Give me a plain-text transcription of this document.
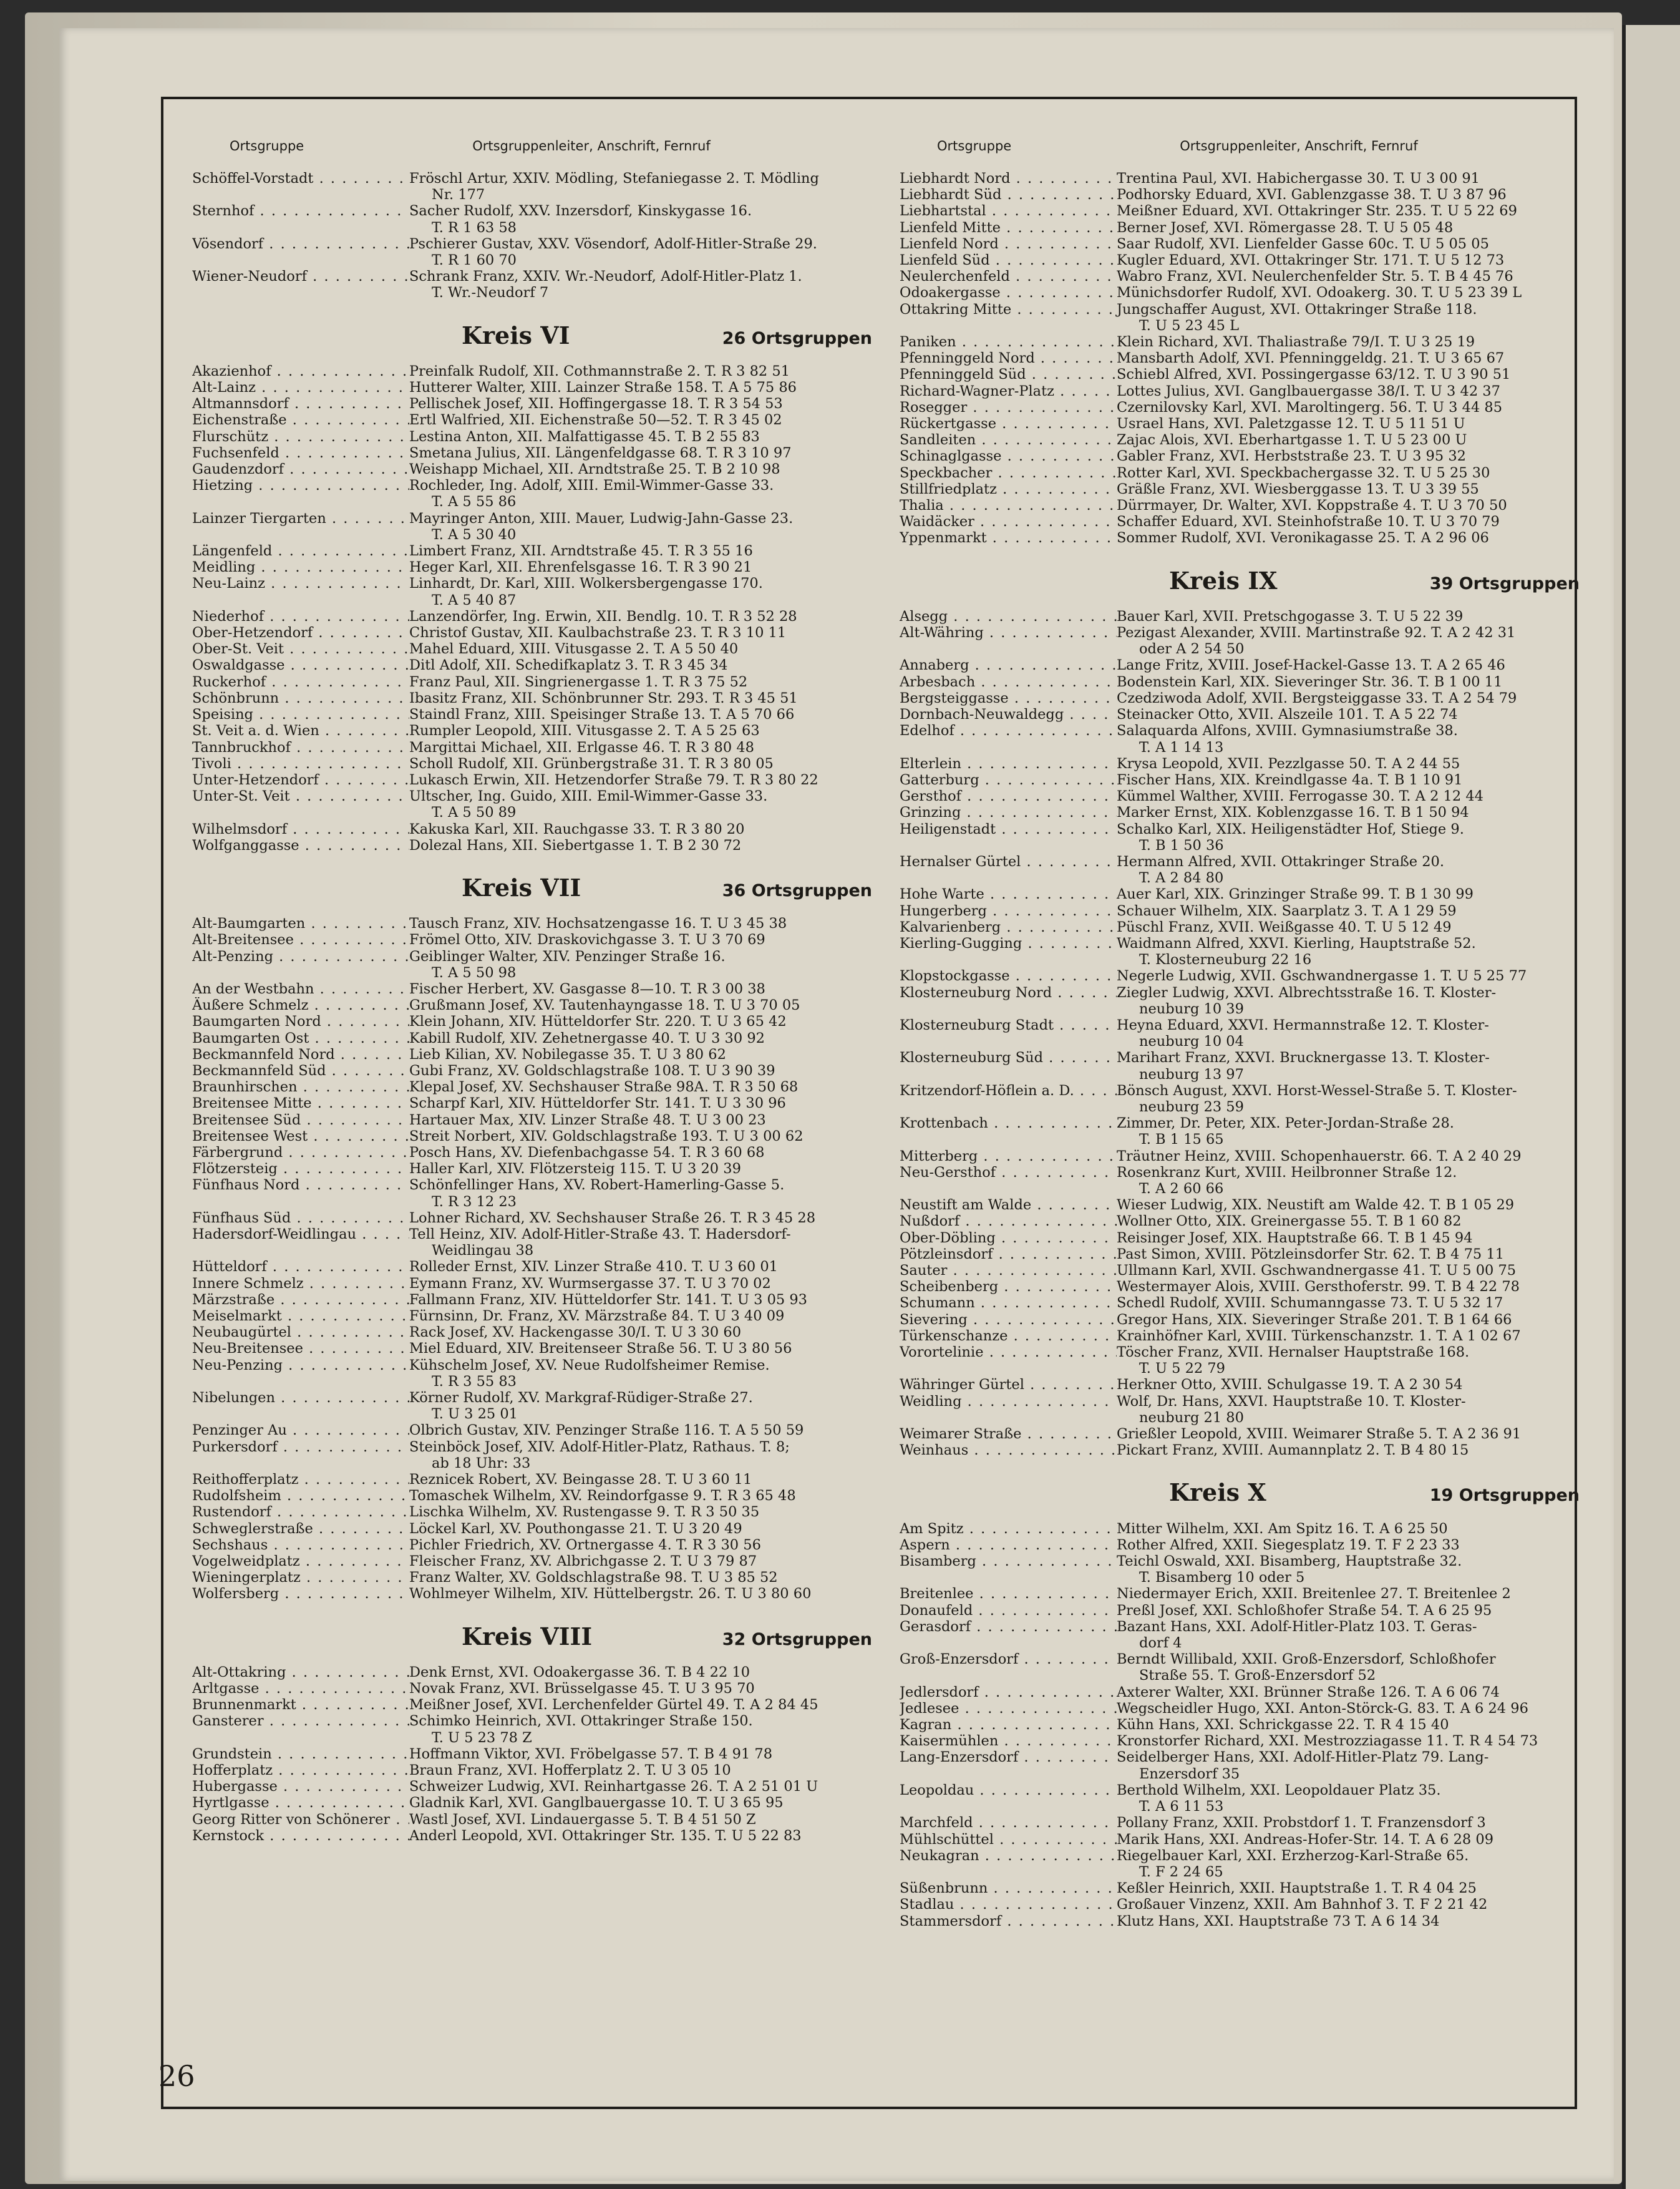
Ortsgruppe	Ortsgruppenleiter, Anschrift, Fernruf
Schöffel-Vorstadt . . .	Fröschl Artur, XXIV. Mödling, Stefaniegasse 2. T. Mödling
Nr. 177
Sternhof . . .	Sacher Rudolf, XXV. Inzersdorf, Kinskygasse 16.
T. R 1 63 58
Vösendorf . . .	Pschierer Gustav, XXV. Vösendorf, Adolf-Hitler-Straße 29.
T. R 1 60 70
Wiener-Neudorf . . .	Schrank Franz, XXIV. Wr.-Neudorf, Adolf-Hitler-Platz 1.
T. Wr.-Neudorf 7
Kreis VI	26 Ortsgruppen
Akazienhof . . .	Preinfalk Rudolf, XII. Cothmannstraße 2. T. R 3 82 51
Alt-Lainz . . .	Hutterer Walter, XIII. Lainzer Straße 158. T. A 5 75 86
Altmannsdorf . . .	Pellischek Josef, XII. Hoffingergasse 18. T. R 3 54 53
Eichenstraße . . .	Ertl Walfried, XII. Eichenstraße 50—52. T. R 3 45 02
Flurschütz . . .	Lestina Anton, XII. Malfattigasse 45. T. B 2 55 83
Fuchsenfeld . . .	Smetana Julius, XII. Längenfeldgasse 68. T. R 3 10 97
Gaudenzdorf . . .	Weishapp Michael, XII. Arndtstraße 25. T. B 2 10 98
Hietzing . . .	Rochleder, Ing. Adolf, XIII. Emil-Wimmer-Gasse 33.
T. A 5 55 86
Lainzer Tiergarten . . .	Mayringer Anton, XIII. Mauer, Ludwig-Jahn-Gasse 23.
T. A 5 30 40
Längenfeld . . .	Limbert Franz, XII. Arndtstraße 45. T. R 3 55 16
Meidling . . .	Heger Karl, XII. Ehrenfelsgasse 16. T. R 3 90 21
Neu-Lainz . . .	Linhardt, Dr. Karl, XIII. Wolkersbergengasse 170.
T. A 5 40 87
Niederhof . . .	Lanzendörfer, Ing. Erwin, XII. Bendlg. 10. T. R 3 52 28
Ober-Hetzendorf . . .	Christof Gustav, XII. Kaulbachstraße 23. T. R 3 10 11
Ober-St. Veit . . .	Mahel Eduard, XIII. Vitusgasse 2. T. A 5 50 40
Oswaldgasse . . .	Ditl Adolf, XII. Schedifkaplatz 3. T. R 3 45 34
Ruckerhof . . .	Franz Paul, XII. Singrienergasse 1. T. R 3 75 52
Schönbrunn . . .	Ibasitz Franz, XII. Schönbrunner Str. 293. T. R 3 45 51
Speising . . .	Staindl Franz, XIII. Speisinger Straße 13. T. A 5 70 66
St. Veit a. d. Wien . . .	Rumpler Leopold, XIII. Vitusgasse 2. T. A 5 25 63
Tannbruckhof . . .	Margittai Michael, XII. Erlgasse 46. T. R 3 80 48
Tivoli . . .	Scholl Rudolf, XII. Grünbergstraße 31. T. R 3 80 05
Unter-Hetzendorf . . .	Lukasch Erwin, XII. Hetzendorfer Straße 79. T. R 3 80 22
Unter-St. Veit . . .	Ultscher, Ing. Guido, XIII. Emil-Wimmer-Gasse 33.
T. A 5 50 89
Wilhelmsdorf . . .	Kakuska Karl, XII. Rauchgasse 33. T. R 3 80 20
Wolfganggasse . . .	Dolezal Hans, XII. Siebertgasse 1. T. B 2 30 72
Kreis VII	36 Ortsgruppen
Alt-Baumgarten . . .	Tausch Franz, XIV. Hochsatzengasse 16. T. U 3 45 38
Alt-Breitensee . . .	Frömel Otto, XIV. Draskovichgasse 3. T. U 3 70 69
Alt-Penzing . . .	Geiblinger Walter, XIV. Penzinger Straße 16.
T. A 5 50 98
An der Westbahn . . .	Fischer Herbert, XV. Gasgasse 8—10. T. R 3 00 38
Äußere Schmelz . . .	Grußmann Josef, XV. Tautenhayngasse 18. T. U 3 70 05
Baumgarten Nord . . .	Klein Johann, XIV. Hütteldorfer Str. 220. T. U 3 65 42
Baumgarten Ost . . .	Kabill Rudolf, XIV. Zehetnergasse 40. T. U 3 30 92
Beckmannfeld Nord . . .	Lieb Kilian, XV. Nobilegasse 35. T. U 3 80 62
Beckmannfeld Süd . . .	Gubi Franz, XV. Goldschlagstraße 108. T. U 3 90 39
Braunhirschen . . .	Klepal Josef, XV. Sechshauser Straße 98A. T. R 3 50 68
Breitensee Mitte . . .	Scharpf Karl, XIV. Hütteldorfer Str. 141. T. U 3 30 96
Breitensee Süd . . .	Hartauer Max, XIV. Linzer Straße 48. T. U 3 00 23
Breitensee West . . .	Streit Norbert, XIV. Goldschlagstraße 193. T. U 3 00 62
Färbergrund . . .	Posch Hans, XV. Diefenbachgasse 54. T. R 3 60 68
Flötzersteig . . .	Haller Karl, XIV. Flötzersteig 115. T. U 3 20 39
Fünfhaus Nord . . .	Schönfellinger Hans, XV. Robert-Hamerling-Gasse 5.
T. R 3 12 23
Fünfhaus Süd . . .	Lohner Richard, XV. Sechshauser Straße 26. T. R 3 45 28
Hadersdorf-Weidlingau . . .	Tell Heinz, XIV. Adolf-Hitler-Straße 43. T. Hadersdorf-
Weidlingau 38
Hütteldorf . . .	Rolleder Ernst, XIV. Linzer Straße 410. T. U 3 60 01
Innere Schmelz . . .	Eymann Franz, XV. Wurmsergasse 37. T. U 3 70 02
Märzstraße . . .	Fallmann Franz, XIV. Hütteldorfer Str. 141. T. U 3 05 93
Meiselmarkt . . .	Fürnsinn, Dr. Franz, XV. Märzstraße 84. T. U 3 40 09
Neubaugürtel . . .	Rack Josef, XV. Hackengasse 30/I. T. U 3 30 60
Neu-Breitensee . . .	Miel Eduard, XIV. Breitenseer Straße 56. T. U 3 80 56
Neu-Penzing . . .	Kühschelm Josef, XV. Neue Rudolfsheimer Remise.
T. R 3 55 83
Nibelungen . . .	Körner Rudolf, XV. Markgraf-Rüdiger-Straße 27.
T. U 3 25 01
Penzinger Au . . .	Olbrich Gustav, XIV. Penzinger Straße 116. T. A 5 50 59
Purkersdorf . . .	Steinböck Josef, XIV. Adolf-Hitler-Platz, Rathaus. T. 8;
ab 18 Uhr: 33
Reithofferplatz . . .	Reznicek Robert, XV. Beingasse 28. T. U 3 60 11
Rudolfsheim . . .	Tomaschek Wilhelm, XV. Reindorfgasse 9. T. R 3 65 48
Rustendorf . . .	Lischka Wilhelm, XV. Rustengasse 9. T. R 3 50 35
Schweglerstraße . . .	Löckel Karl, XV. Pouthongasse 21. T. U 3 20 49
Sechshaus . . .	Pichler Friedrich, XV. Ortnergasse 4. T. R 3 30 56
Vogelweidplatz . . .	Fleischer Franz, XV. Albrichgasse 2. T. U 3 79 87
Wieningerplatz . . .	Franz Walter, XV. Goldschlagstraße 98. T. U 3 85 52
Wolfersberg . . .	Wohlmeyer Wilhelm, XIV. Hüttelbergstr. 26. T. U 3 80 60
Kreis VIII	32 Ortsgruppen
Alt-Ottakring . . .	Denk Ernst, XVI. Odoakergasse 36. T. B 4 22 10
Arltgasse . . .	Novak Franz, XVI. Brüsselgasse 45. T. U 3 95 70
Brunnenmarkt . . .	Meißner Josef, XVI. Lerchenfelder Gürtel 49. T. A 2 84 45
Gansterer . . .	Schimko Heinrich, XVI. Ottakringer Straße 150.
T. U 5 23 78 Z
Grundstein . . .	Hoffmann Viktor, XVI. Fröbelgasse 57. T. B 4 91 78
Hofferplatz . . .	Braun Franz, XVI. Hofferplatz 2. T. U 3 05 10
Hubergasse . . .	Schweizer Ludwig, XVI. Reinhartgasse 26. T. A 2 51 01 U
Hyrtlgasse . . .	Gladnik Karl, XVI. Ganglbauergasse 10. T. U 3 65 95
Georg Ritter von Schönerer . . .	Wastl Josef, XVI. Lindauergasse 5. T. B 4 51 50 Z
Kernstock . . .	Anderl Leopold, XVI. Ottakringer Str. 135. T. U 5 22 83
Ortsgruppe	Ortsgruppenleiter, Anschrift, Fernruf
Liebhardt Nord . . .	Trentina Paul, XVI. Habichergasse 30. T. U 3 00 91
Liebhardt Süd . . .	Podhorsky Eduard, XVI. Gablenzgasse 38. T. U 3 87 96
Liebhartstal . . .	Meißner Eduard, XVI. Ottakringer Str. 235. T. U 5 22 69
Lienfeld Mitte . . .	Berner Josef, XVI. Römergasse 28. T. U 5 05 48
Lienfeld Nord . . .	Saar Rudolf, XVI. Lienfelder Gasse 60c. T. U 5 05 05
Lienfeld Süd . . .	Kugler Eduard, XVI. Ottakringer Str. 171. T. U 5 12 73
Neulerchenfeld . . .	Wabro Franz, XVI. Neulerchenfelder Str. 5. T. B 4 45 76
Odoakergasse . . .	Münichsdorfer Rudolf, XVI. Odoakerg. 30. T. U 5 23 39 L
Ottakring Mitte . . .	Jungschaffer August, XVI. Ottakringer Straße 118.
T. U 5 23 45 L
Paniken . . .	Klein Richard, XVI. Thaliastraße 79/I. T. U 3 25 19
Pfenninggeld Nord . . .	Mansbarth Adolf, XVI. Pfenninggeldg. 21. T. U 3 65 67
Pfenninggeld Süd . . .	Schiebl Alfred, XVI. Possingergasse 63/12. T. U 3 90 51
Richard-Wagner-Platz . . .	Lottes Julius, XVI. Ganglbauergasse 38/I. T. U 3 42 37
Rosegger . . .	Czernilovsky Karl, XVI. Maroltingerg. 56. T. U 3 44 85
Rückertgasse . . .	Usrael Hans, XVI. Paletzgasse 12. T. U 5 11 51 U
Sandleiten . . .	Zajac Alois, XVI. Eberhartgasse 1. T. U 5 23 00 U
Schinaglgasse . . .	Gabler Franz, XVI. Herbststraße 23. T. U 3 95 32
Speckbacher . . .	Rotter Karl, XVI. Speckbachergasse 32. T. U 5 25 30
Stillfriedplatz . . .	Gräßle Franz, XVI. Wiesberggasse 13. T. U 3 39 55
Thalia . . .	Dürrmayer, Dr. Walter, XVI. Koppstraße 4. T. U 3 70 50
Waidäcker . . .	Schaffer Eduard, XVI. Steinhofstraße 10. T. U 3 70 79
Yppenmarkt . . .	Sommer Rudolf, XVI. Veronikagasse 25. T. A 2 96 06
Kreis IX	39 Ortsgruppen
Alsegg . . .	Bauer Karl, XVII. Pretschgogasse 3. T. U 5 22 39
Alt-Währing . . .	Pezigast Alexander, XVIII. Martinstraße 92. T. A 2 42 31
oder A 2 54 50
Annaberg . . .	Lange Fritz, XVIII. Josef-Hackel-Gasse 13. T. A 2 65 46
Arbesbach . . .	Bodenstein Karl, XIX. Sieveringer Str. 36. T. B 1 00 11
Bergsteiggasse . . .	Czedziwoda Adolf, XVII. Bergsteiggasse 33. T. A 2 54 79
Dornbach-Neuwaldegg . . .	Steinacker Otto, XVII. Alszeile 101. T. A 5 22 74
Edelhof . . .	Salaquarda Alfons, XVIII. Gymnasiumstraße 38.
T. A 1 14 13
Elterlein . . .	Krysa Leopold, XVII. Pezzlgasse 50. T. A 2 44 55
Gatterburg . . .	Fischer Hans, XIX. Kreindlgasse 4a. T. B 1 10 91
Gersthof . . .	Kümmel Walther, XVIII. Ferrogasse 30. T. A 2 12 44
Grinzing . . .	Marker Ernst, XIX. Koblenzgasse 16. T. B 1 50 94
Heiligenstadt . . .	Schalko Karl, XIX. Heiligenstädter Hof, Stiege 9.
T. B 1 50 36
Hernalser Gürtel . . .	Hermann Alfred, XVII. Ottakringer Straße 20.
T. A 2 84 80
Hohe Warte . . .	Auer Karl, XIX. Grinzinger Straße 99. T. B 1 30 99
Hungerberg . . .	Schauer Wilhelm, XIX. Saarplatz 3. T. A 1 29 59
Kalvarienberg . . .	Püschl Franz, XVII. Weißgasse 40. T. U 5 12 49
Kierling-Gugging . . .	Waidmann Alfred, XXVI. Kierling, Hauptstraße 52.
T. Klosterneuburg 22 16
Klopstockgasse . . .	Negerle Ludwig, XVII. Gschwandnergasse 1. T. U 5 25 77
Klosterneuburg Nord . . .	Ziegler Ludwig, XXVI. Albrechtsstraße 16. T. Kloster-
neuburg 10 39
Klosterneuburg Stadt . . .	Heyna Eduard, XXVI. Hermannstraße 12. T. Kloster-
neuburg 10 04
Klosterneuburg Süd . . .	Marihart Franz, XXVI. Brucknergasse 13. T. Kloster-
neuburg 13 97
Kritzendorf-Höflein a. D. . . .	Bönsch August, XXVI. Horst-Wessel-Straße 5. T. Kloster-
neuburg 23 59
Krottenbach . . .	Zimmer, Dr. Peter, XIX. Peter-Jordan-Straße 28.
T. B 1 15 65
Mitterberg . . .	Träutner Heinz, XVIII. Schopenhauerstr. 66. T. A 2 40 29
Neu-Gersthof . . .	Rosenkranz Kurt, XVIII. Heilbronner Straße 12.
T. A 2 60 66
Neustift am Walde . . .	Wieser Ludwig, XIX. Neustift am Walde 42. T. B 1 05 29
Nußdorf . . .	Wollner Otto, XIX. Greinergasse 55. T. B 1 60 82
Ober-Döbling . . .	Reisinger Josef, XIX. Hauptstraße 66. T. B 1 45 94
Pötzleinsdorf . . .	Past Simon, XVIII. Pötzleinsdorfer Str. 62. T. B 4 75 11
Sauter . . .	Ullmann Karl, XVII. Gschwandnergasse 41. T. U 5 00 75
Scheibenberg . . .	Westermayer Alois, XVIII. Gersthoferstr. 99. T. B 4 22 78
Schumann . . .	Schedl Rudolf, XVIII. Schumanngasse 73. T. U 5 32 17
Sievering . . .	Gregor Hans, XIX. Sieveringer Straße 201. T. B 1 64 66
Türkenschanze . . .	Krainhöfner Karl, XVIII. Türkenschanzstr. 1. T. A 1 02 67
Vorortelinie . . .	Töscher Franz, XVII. Hernalser Hauptstraße 168.
T. U 5 22 79
Währinger Gürtel . . .	Herkner Otto, XVIII. Schulgasse 19. T. A 2 30 54
Weidling . . .	Wolf, Dr. Hans, XXVI. Hauptstraße 10. T. Kloster-
neuburg 21 80
Weimarer Straße . . .	Grießler Leopold, XVIII. Weimarer Straße 5. T. A 2 36 91
Weinhaus . . .	Pickart Franz, XVIII. Aumannplatz 2. T. B 4 80 15
Kreis X	19 Ortsgruppen
Am Spitz . . .	Mitter Wilhelm, XXI. Am Spitz 16. T. A 6 25 50
Aspern . . .	Rother Alfred, XXII. Siegesplatz 19. T. F 2 23 33
Bisamberg . . .	Teichl Oswald, XXI. Bisamberg, Hauptstraße 32.
T. Bisamberg 10 oder 5
Breitenlee . . .	Niedermayer Erich, XXII. Breitenlee 27. T. Breitenlee 2
Donaufeld . . .	Preßl Josef, XXI. Schloßhofer Straße 54. T. A 6 25 95
Gerasdorf . . .	Bazant Hans, XXI. Adolf-Hitler-Platz 103. T. Geras-
dorf 4
Groß-Enzersdorf . . .	Berndt Willibald, XXII. Groß-Enzersdorf, Schloßhofer
Straße 55. T. Groß-Enzersdorf 52
Jedlersdorf . . .	Axterer Walter, XXI. Brünner Straße 126. T. A 6 06 74
Jedlesee . . .	Wegscheidler Hugo, XXI. Anton-Störck-G. 83. T. A 6 24 96
Kagran . . .	Kühn Hans, XXI. Schrickgasse 22. T. R 4 15 40
Kaisermühlen . . .	Kronstorfer Richard, XXI. Mestrozziagasse 11. T. R 4 54 73
Lang-Enzersdorf . . .	Seidelberger Hans, XXI. Adolf-Hitler-Platz 79. Lang-
Enzersdorf 35
Leopoldau . . .	Berthold Wilhelm, XXI. Leopoldauer Platz 35.
T. A 6 11 53
Marchfeld . . .	Pollany Franz, XXII. Probstdorf 1. T. Franzensdorf 3
Mühlschüttel . . .	Marik Hans, XXI. Andreas-Hofer-Str. 14. T. A 6 28 09
Neukagran . . .	Riegelbauer Karl, XXI. Erzherzog-Karl-Straße 65.
T. F 2 24 65
Süßenbrunn . . .	Keßler Heinrich, XXII. Hauptstraße 1. T. R 4 04 25
Stadlau . . .	Großauer Vinzenz, XXII. Am Bahnhof 3. T. F 2 21 42
Stammersdorf . . .	Klutz Hans, XXI. Hauptstraße 73 T. A 6 14 34
26
